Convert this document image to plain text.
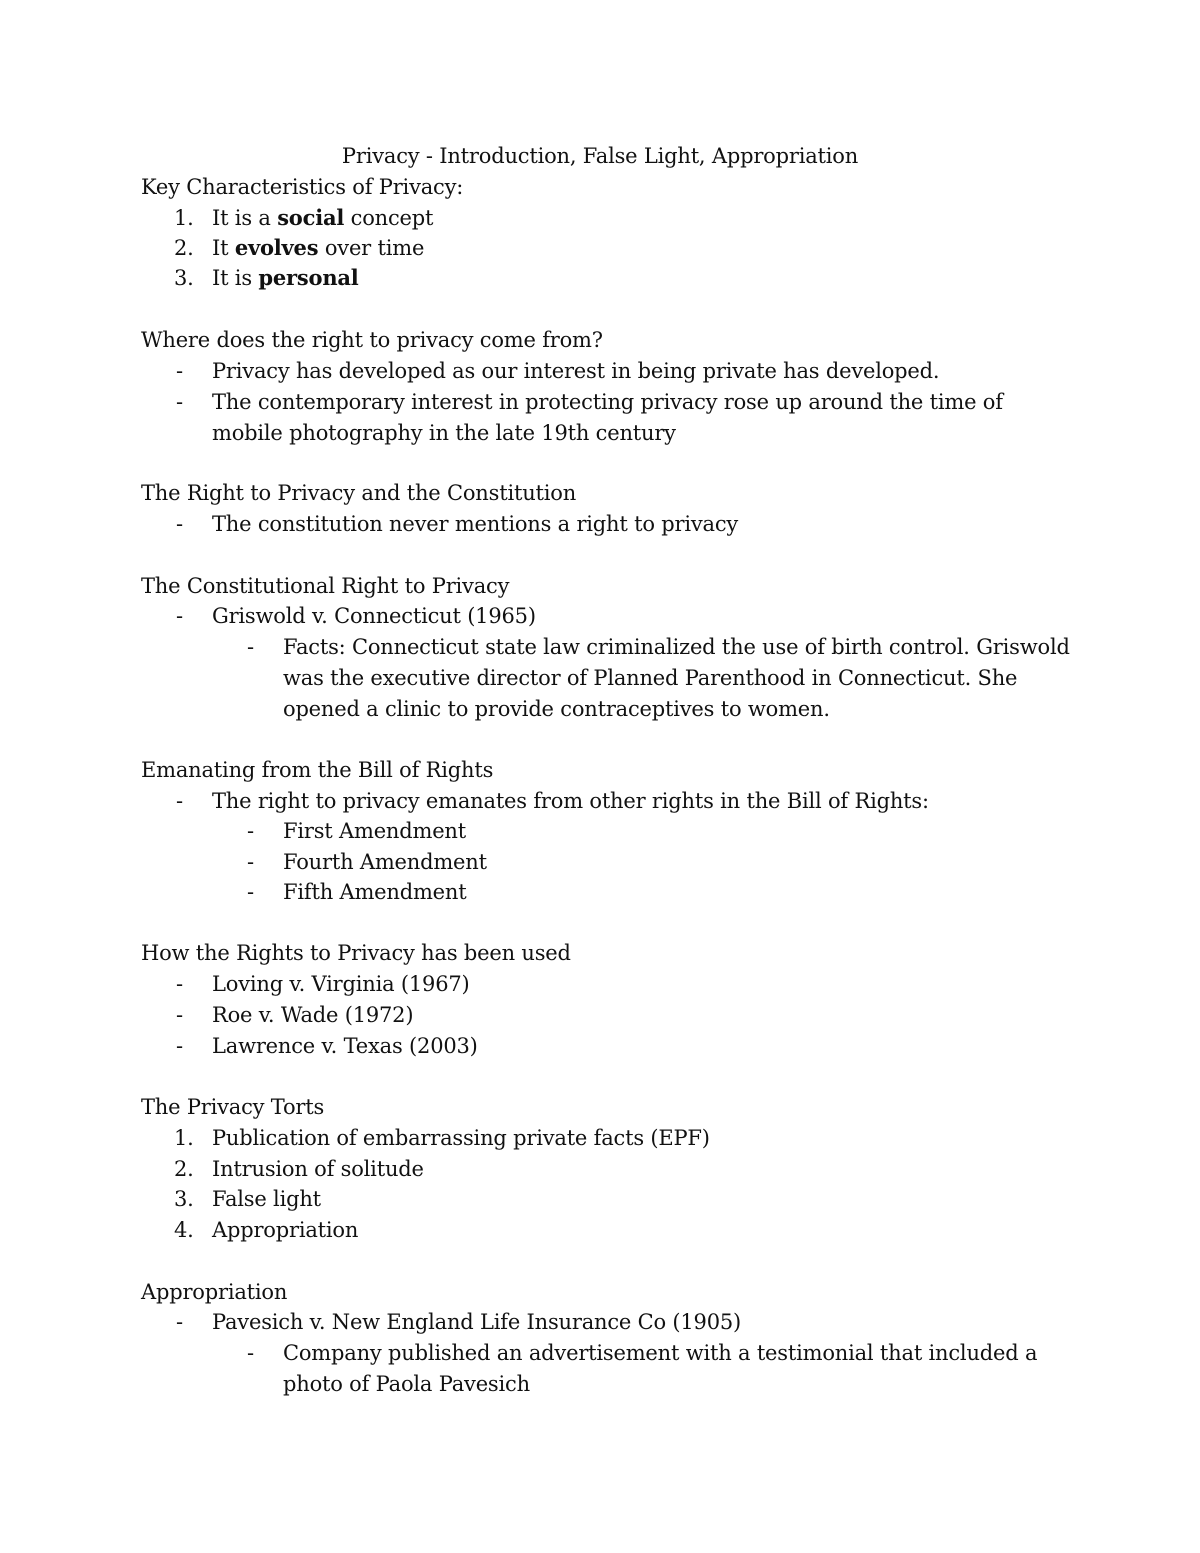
Privacy - Introduction, False Light, Appropriation
Key Characteristics of Privacy:
1. It is a social concept
2. It evolves over time
3. It is personal
Where does the right to privacy come from?
- Privacy has developed as our interest in being private has developed.
- The contemporary interest in protecting privacy rose up around the time of
mobile photography in the late 19th century
The Right to Privacy and the Constitution
- The constitution never mentions a right to privacy
The Constitutional Right to Privacy
- Griswold v. Connecticut (1965)
- Facts: Connecticut state law criminalized the use of birth control. Griswold
was the executive director of Planned Parenthood in Connecticut. She
opened a clinic to provide contraceptives to women.
Emanating from the Bill of Rights
- The right to privacy emanates from other rights in the Bill of Rights:
- First Amendment
- Fourth Amendment
- Fifth Amendment
How the Rights to Privacy has been used
- Loving v. Virginia (1967)
- Roe v. Wade (1972)
- Lawrence v. Texas (2003)
The Privacy Torts
1. Publication of embarrassing private facts (EPF)
2. Intrusion of solitude
3. False light
4. Appropriation
Appropriation
- Pavesich v. New England Life Insurance Co (1905)
- Company published an advertisement with a testimonial that included a
photo of Paola Pavesich
